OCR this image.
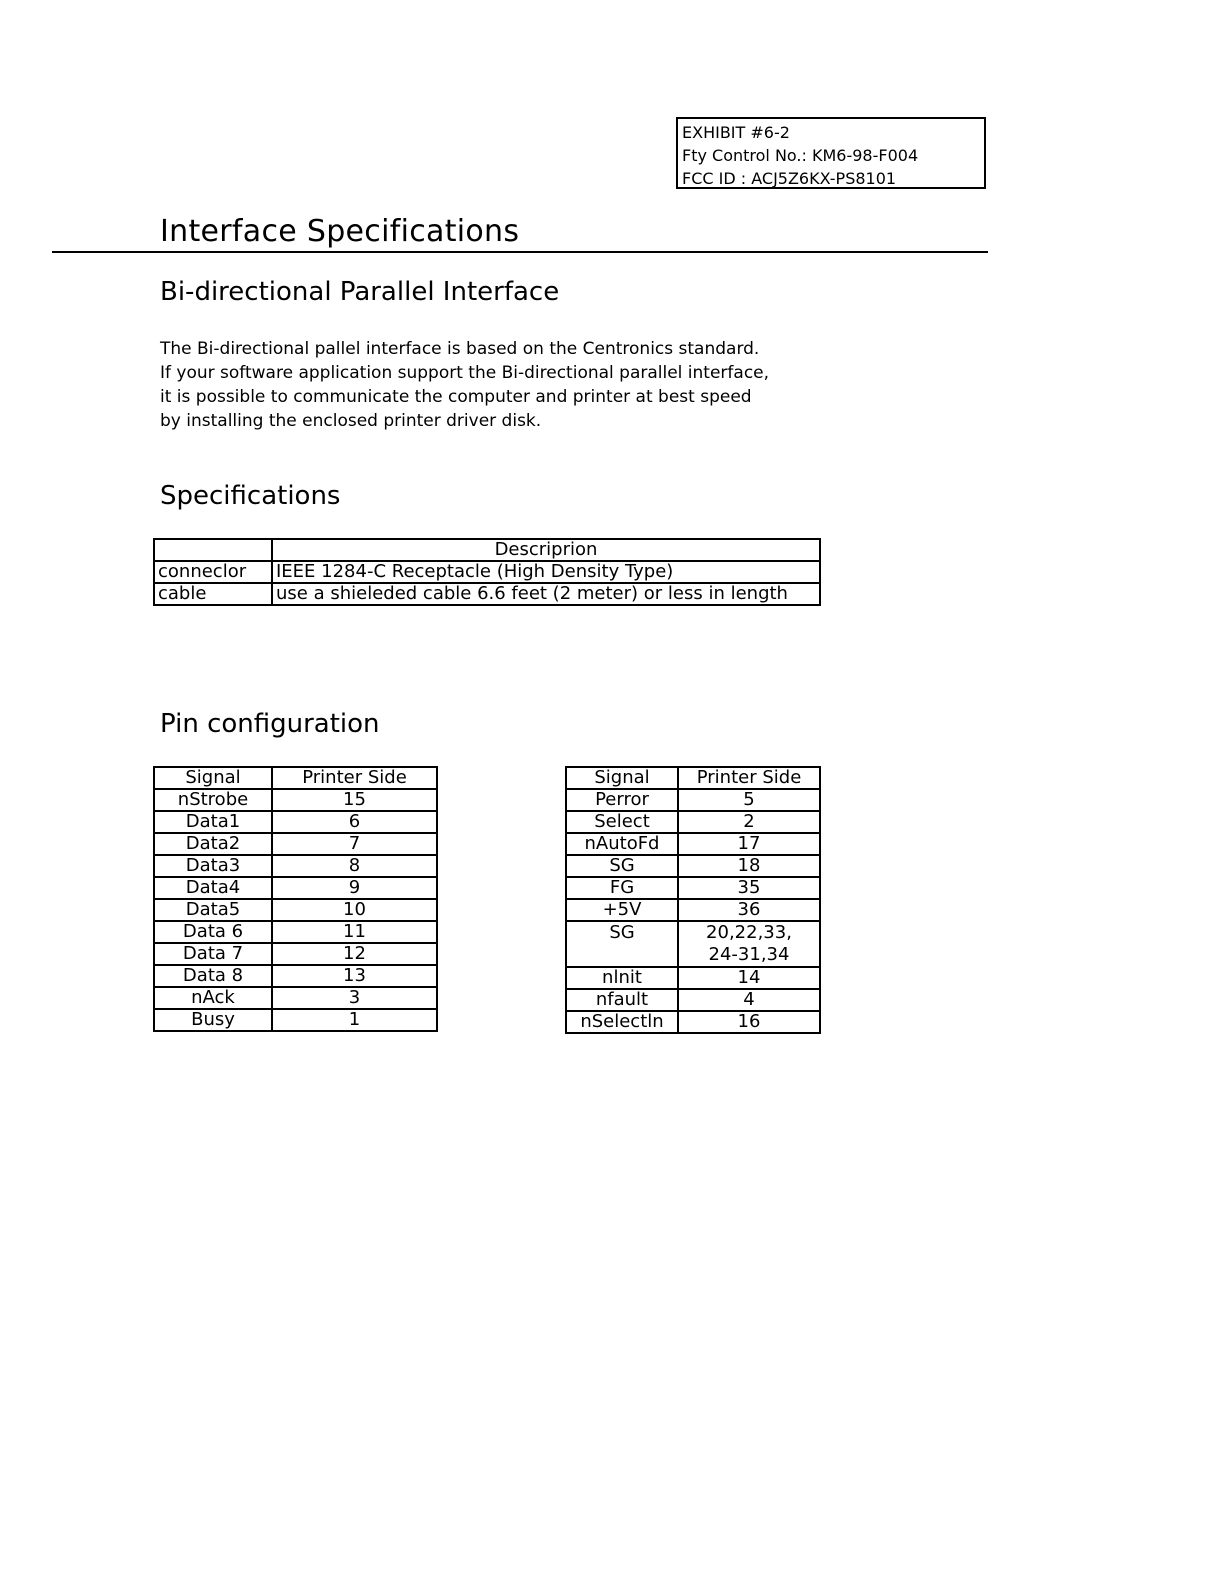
EXHIBIT #6-2
Fty Control No.: KM6-98-F004
FCC ID : ACJ5Z6KX-PS8101
Interface Specifications
Bi-directional Parallel Interface
The Bi-directional pallel interface is based on the Centronics standard.
If your software application support the Bi-directional parallel interface,
it is possible to communicate the computer and printer at best speed
by installing the enclosed printer driver disk.
Specifications
	Descriprion
conneclor	IEEE 1284-C Receptacle (High Density Type)
cable	use a shieleded cable 6.6 feet (2 meter) or less in length
Pin configuration
Signal	Printer Side
nStrobe	15
Data1	6
Data2	7
Data3	8
Data4	9
Data5	10
Data 6	11
Data 7	12
Data 8	13
nAck	3
Busy	1
Signal	Printer Side
Perror	5
Select	2
nAutoFd	17
SG	18
FG	35
+5V	36
SG	20,22,33,
24-31,34

nlnit	14
nfault	4
nSelectln	16
